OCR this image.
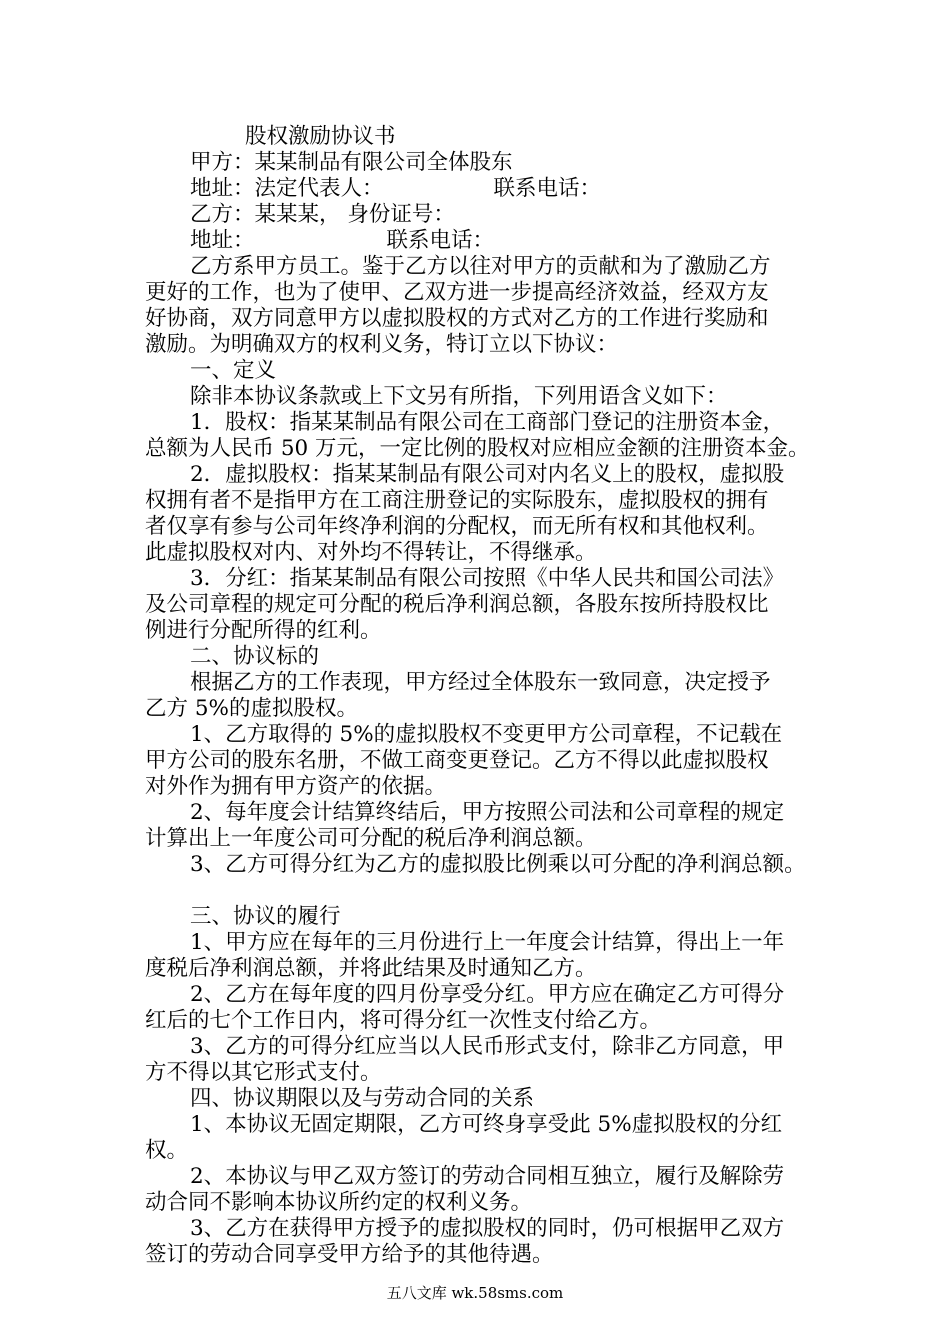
股权激励协议书
甲方：某某制品有限公司全体股东
地址：法定代表人：	联系电话：
乙方：某某某， 身份证号：
地址：	联系电话：
乙方系甲方员工。鉴于乙方以往对甲方的贡献和为了激励乙方
更好的工作，也为了使甲、乙双方进一步提高经济效益，经双方友
好协商，双方同意甲方以虚拟股权的方式对乙方的工作进行奖励和
激励。为明确双方的权利义务，特订立以下协议：
一、定义
除非本协议条款或上下文另有所指，下列用语含义如下：
1．股权：指某某制品有限公司在工商部门登记的注册资本金，
总额为人民币 50 万元，一定比例的股权对应相应金额的注册资本金。
2．虚拟股权：指某某制品有限公司对内名义上的股权，虚拟股
权拥有者不是指甲方在工商注册登记的实际股东，虚拟股权的拥有
者仅享有参与公司年终净利润的分配权，而无所有权和其他权利。
此虚拟股权对内、对外均不得转让，不得继承。
3．分红：指某某制品有限公司按照《中华人民共和国公司法》
及公司章程的规定可分配的税后净利润总额，各股东按所持股权比
例进行分配所得的红利。
二、协议标的
根据乙方的工作表现，甲方经过全体股东一致同意，决定授予
乙方 5%的虚拟股权。
1、乙方取得的 5%的虚拟股权不变更甲方公司章程，不记载在
甲方公司的股东名册，不做工商变更登记。乙方不得以此虚拟股权
对外作为拥有甲方资产的依据。
2、每年度会计结算终结后，甲方按照公司法和公司章程的规定
计算出上一年度公司可分配的税后净利润总额。
3、乙方可得分红为乙方的虚拟股比例乘以可分配的净利润总额。
三、协议的履行
1、甲方应在每年的三月份进行上一年度会计结算，得出上一年
度税后净利润总额，并将此结果及时通知乙方。
2、乙方在每年度的四月份享受分红。甲方应在确定乙方可得分
红后的七个工作日内，将可得分红一次性支付给乙方。
3、乙方的可得分红应当以人民币形式支付，除非乙方同意，甲
方不得以其它形式支付。
四、协议期限以及与劳动合同的关系
1、本协议无固定期限，乙方可终身享受此 5%虚拟股权的分红
权。
2、本协议与甲乙双方签订的劳动合同相互独立，履行及解除劳
动合同不影响本协议所约定的权利义务。
3、乙方在获得甲方授予的虚拟股权的同时，仍可根据甲乙双方
签订的劳动合同享受甲方给予的其他待遇。
五八文库 wk.58sms.com
